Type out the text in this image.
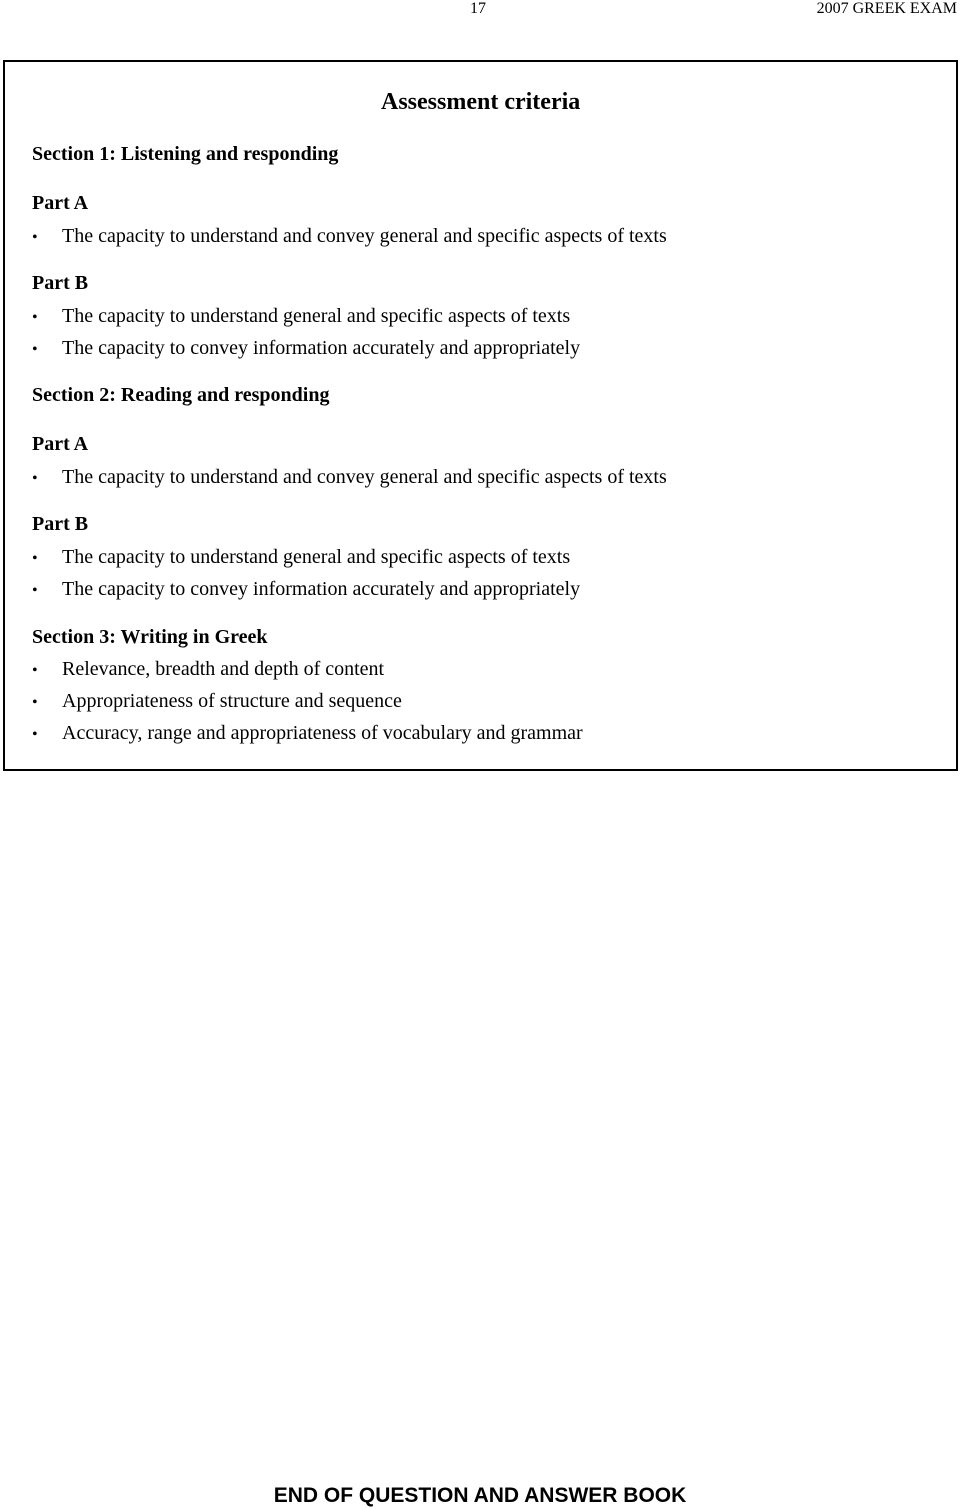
17	2007 GREEK EXAM
Assessment criteria
Section 1: Listening and responding
Part A
• The capacity to understand and convey general and specific aspects of texts
Part B
• The capacity to understand general and specific aspects of texts
• The capacity to convey information accurately and appropriately
Section 2: Reading and responding
Part A
• The capacity to understand and convey general and specific aspects of texts
Part B
• The capacity to understand general and specific aspects of texts
• The capacity to convey information accurately and appropriately
Section 3: Writing in Greek
• Relevance, breadth and depth of content
• Appropriateness of structure and sequence
• Accuracy, range and appropriateness of vocabulary and grammar
END OF QUESTION AND ANSWER BOOK
